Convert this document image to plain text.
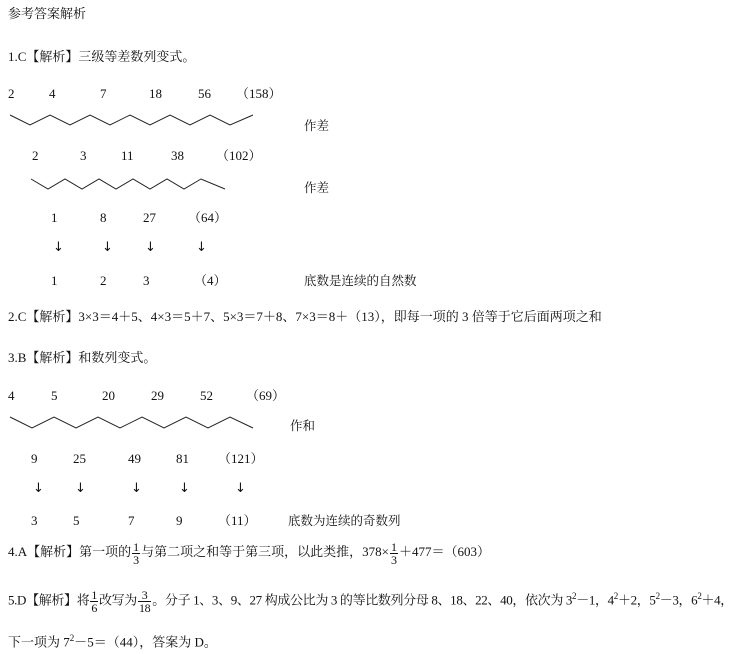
参考答案解析
1.C【解析】三级等差数列变式。
2	4	7	18	56 （158）
作差
2	3	11	38 （102）
作差
1	8	27 （64）
↓	↓ ↓	↓
1	2	3	（4）	底数是连续的自然数
2.C【解析】3×3＝4＋5、4×3＝5＋7、5×3＝7＋8、7×3＝8＋（13），即每一项的 3 倍等于它后面两项之和
3.B【解析】和数列变式。
4	5	20	29	52	（69）
作和
9	25	49	81 （121）
↓ ↓	↓	↓	↓
3	5	7	9	（11）	底数为连续的奇数列
4.A【解析】第一项的 $\frac{1}{3}$ 与第二项之和等于第三项，以此类推，$378\times \frac{1}{3} +477=(603)$
5.D【解析】将 $\frac{1}{6}$ 改写为 $\frac{3}{18}$ 。分子 1、3、9、27 构成公比为 3 的等比数列分母 8、18、22、40，依次为 $3^2-1$，$4^2+2$，$5^2-3$，$6^2+4$，
下一项为 $7^2-5=(44)$，答案为 D。
